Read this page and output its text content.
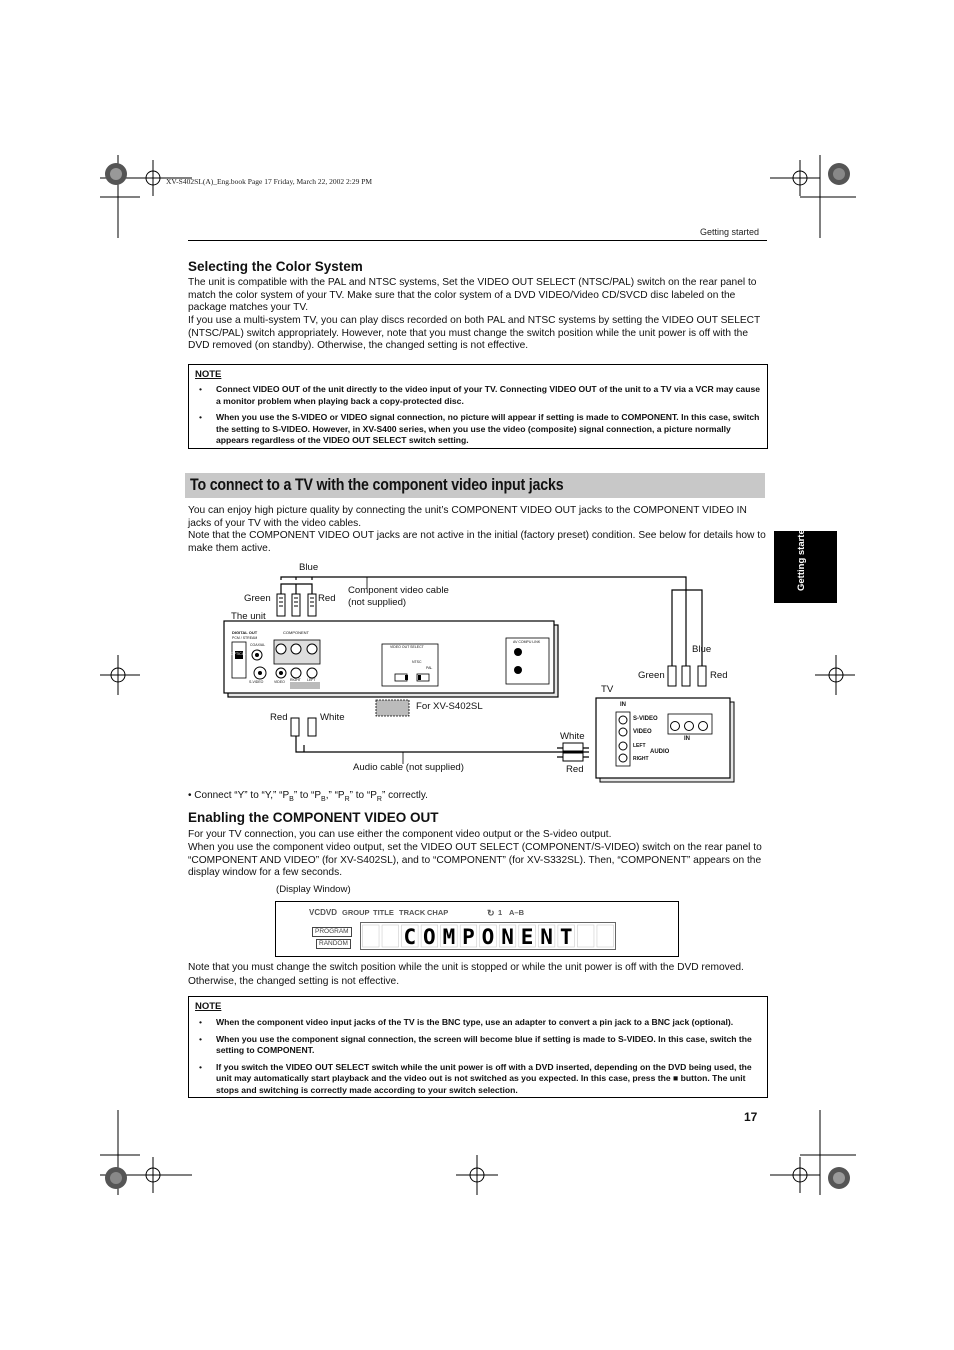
XV-S402SL(A)_Eng.book Page 17 Friday, March 22, 2002 2:29 PM
Getting started
Getting started
Selecting the Color System

The unit is compatible with the PAL and NTSC systems, Set the VIDEO OUT SELECT (NTSC/PAL) switch on the rear panel to match the color system of your TV. Make sure that the color system of a DVD VIDEO/Video CD/SVCD disc labeled on the package matches your TV.

If you use a multi-system TV, you can play discs recorded on both PAL and NTSC systems by setting the VIDEO OUT SELECT (NTSC/PAL) switch appropriately. However, note that you must change the switch position while the unit power is off with the DVD removed (on standby). Otherwise, the changed setting is not effective.

NOTE
• Connect VIDEO OUT of the unit directly to the video input of your TV. Connecting VIDEO OUT of the unit to a TV via a VCR may cause a monitor problem when playing back a copy-protected disc.
• When you use the S-VIDEO or VIDEO signal connection, no picture will appear if setting is made to COMPONENT. In this case, switch the setting to S-VIDEO. However, in XV-S400 series, when you use the video (composite) signal connection, a picture normally appears regardless of the VIDEO OUT SELECT switch setting.
To connect to a TV with the component video input jacks

You can enjoy high picture quality by connecting the unit’s COMPONENT VIDEO OUT jacks to the COMPONENT VIDEO IN jacks of your TV with the video cables.

Note that the COMPONENT VIDEO OUT jacks are not active in the initial (factory preset) condition. See below for details how to make them active.

Blue
Green	Red
Component video cable
(not supplied)
The unit
Blue
Green	Red
TV
Red	White
For XV-S402SL
White
Red
Audio cable (not supplied)
DIGITAL OUT
PCM / STREAM
OPTICAL
COAXIAL
COMPONENT
S-VIDEO	VIDEO RIGHT LEFT
VIDEO OUT SELECT
AV COMPU LINK
NTSC
PAL
IN
S-VIDEO
VIDEO
LEFT
AUDIO
RIGHT
IN
• Connect “Y” to “Y,” “$P_B$” to “$P_B$,” “$P_R$” to “$P_R$” correctly.
Enabling the COMPONENT VIDEO OUT

For your TV connection, you can use either the component video output or the S-video output.

When you use the component video output, set the VIDEO OUT SELECT (COMPONENT/S-VIDEO) switch on the rear panel to “COMPONENT AND VIDEO” (for XV-S402SL), and to “COMPONENT” (for XV-S332SL). Then, “COMPONENT” appears on the display window for a few seconds.

(Display Window)
VCDVD GROUP TITLE TRACK CHAP	↻ 1 A–B
PROGRAM
RANDOM	C O M P O N E N T

Note that you must change the switch position while the unit is stopped or while the unit power is off with the DVD removed. Otherwise, the changed setting is not effective.

NOTE
• When the component video input jacks of the TV is the BNC type, use an adapter to convert a pin jack to a BNC jack (optional).
• When you use the component signal connection, the screen will become blue if setting is made to S-VIDEO. In this case, switch the setting to COMPONENT.
• If you switch the VIDEO OUT SELECT switch while the unit power is off with a DVD inserted, depending on the DVD being used, the unit may automatically start playback and the video out is not switched as you expected. In this case, press the ■ button. The unit stops and switching is correctly made according to your switch selection.
17
